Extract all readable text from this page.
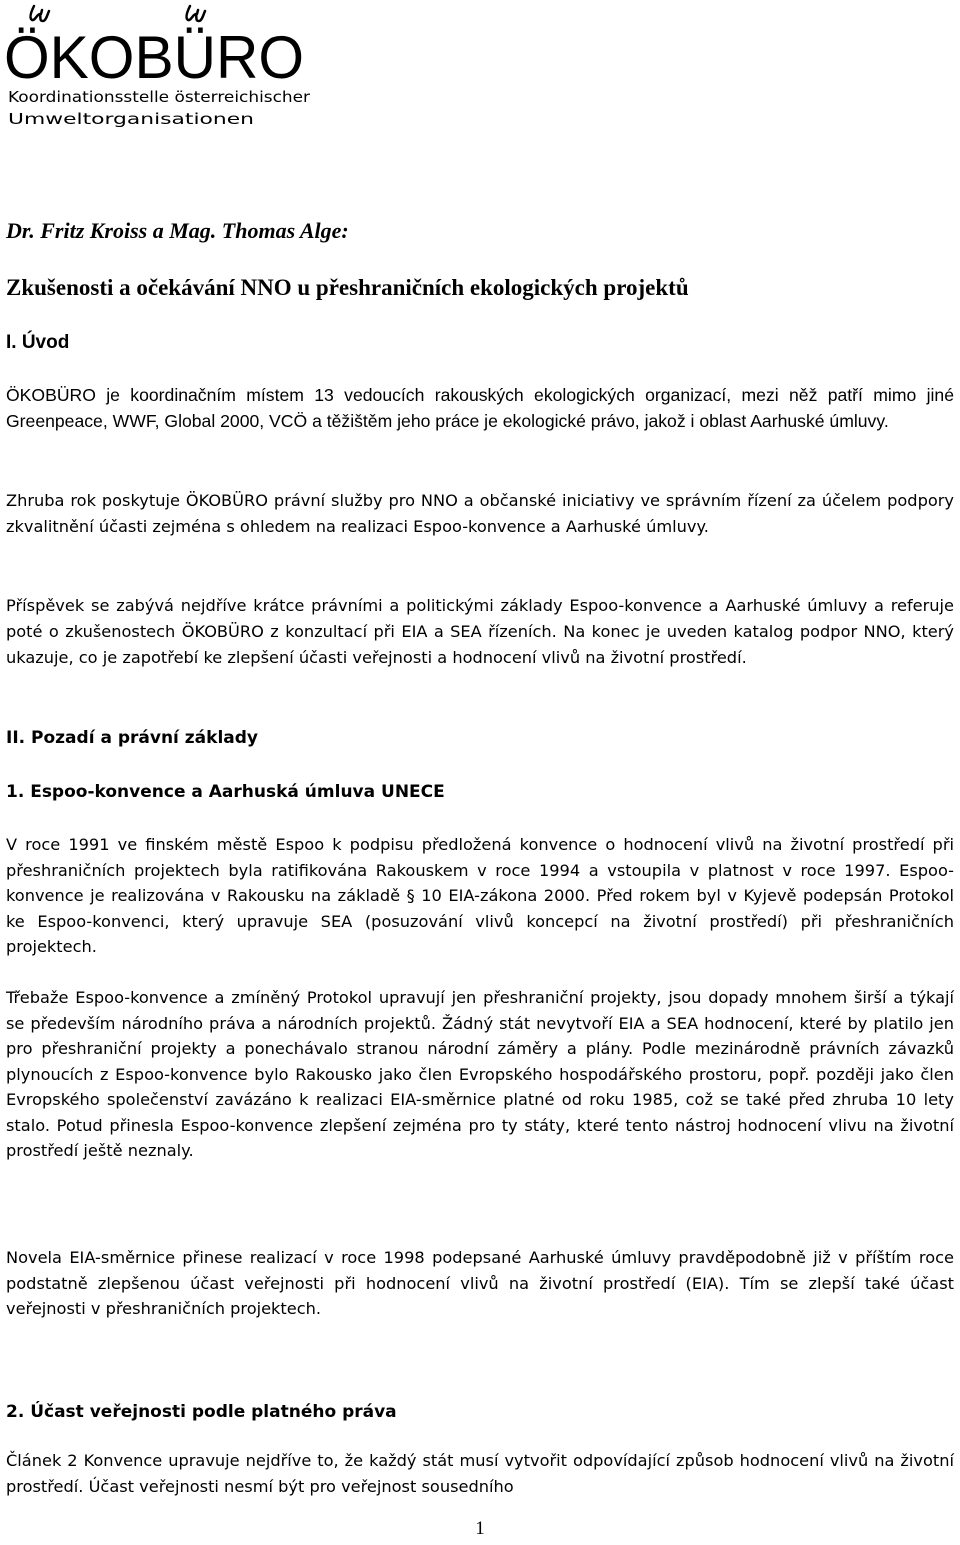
ÖKOBÜRO
Koordinationsstelle österreichischer
Umweltorganisationen

Dr. Fritz Kroiss a Mag. Thomas Alge:

Zkušenosti a očekávání NNO u přeshraničních ekologických projektů

I. Úvod

ÖKOBÜRO je koordinačním místem 13 vedoucích rakouských ekologických organizací, mezi něž patří mimo jiné Greenpeace, WWF, Global 2000, VCÖ a těžištěm jeho práce je ekologické právo, jakož i oblast Aarhuské úmluvy.

Zhruba rok poskytuje ÖKOBÜRO právní služby pro NNO a občanské iniciativy ve správním řízení za účelem podpory zkvalitnění účasti zejména s ohledem na realizaci Espoo-konvence a Aarhuské úmluvy.

Příspěvek se zabývá nejdříve krátce právními a politickými základy Espoo-konvence a Aarhuské úmluvy a referuje poté o zkušenostech ÖKOBÜRO z konzultací při EIA a SEA řízeních. Na konec je uveden katalog podpor NNO, který ukazuje, co je zapotřebí ke zlepšení účasti veřejnosti a hodnocení vlivů na životní prostředí.

II. Pozadí a právní základy

1. Espoo-konvence a Aarhuská úmluva UNECE

V roce 1991 ve finském městě Espoo k podpisu předložená konvence o hodnocení vlivů na životní prostředí při přeshraničních projektech byla ratifikována Rakouskem v roce 1994 a vstoupila v platnost v roce 1997. Espoo-konvence je realizována v Rakousku na základě § 10 EIA-zákona 2000. Před rokem byl v Kyjevě podepsán Protokol ke Espoo-konvenci, který upravuje SEA (posuzování vlivů koncepcí na životní prostředí) při přeshraničních projektech.

Třebaže Espoo-konvence a zmíněný Protokol upravují jen přeshraniční projekty, jsou dopady mnohem širší a týkají se především národního práva a národních projektů. Žádný stát nevytvoří EIA a SEA hodnocení, které by platilo jen pro přeshraniční projekty a ponechávalo stranou národní záměry a plány. Podle mezinárodně právních závazků plynoucích z Espoo-konvence bylo Rakousko jako člen Evropského hospodářského prostoru, popř. později jako člen Evropského společenství zavázáno k realizaci EIA-směrnice platné od roku 1985, což se také před zhruba 10 lety stalo. Potud přinesla Espoo-konvence zlepšení zejména pro ty státy, které tento nástroj hodnocení vlivu na životní prostředí ještě neznaly.

Novela EIA-směrnice přinese realizací v roce 1998 podepsané Aarhuské úmluvy pravděpodobně již v příštím roce podstatně zlepšenou účast veřejnosti při hodnocení vlivů na životní prostředí (EIA). Tím se zlepší také účast veřejnosti v přeshraničních projektech.

2. Účast veřejnosti podle platného práva

Článek 2 Konvence upravuje nejdříve to, že každý stát musí vytvořit odpovídající způsob hodnocení vlivů na životní prostředí. Účast veřejnosti nesmí být pro veřejnost sousedního

1
